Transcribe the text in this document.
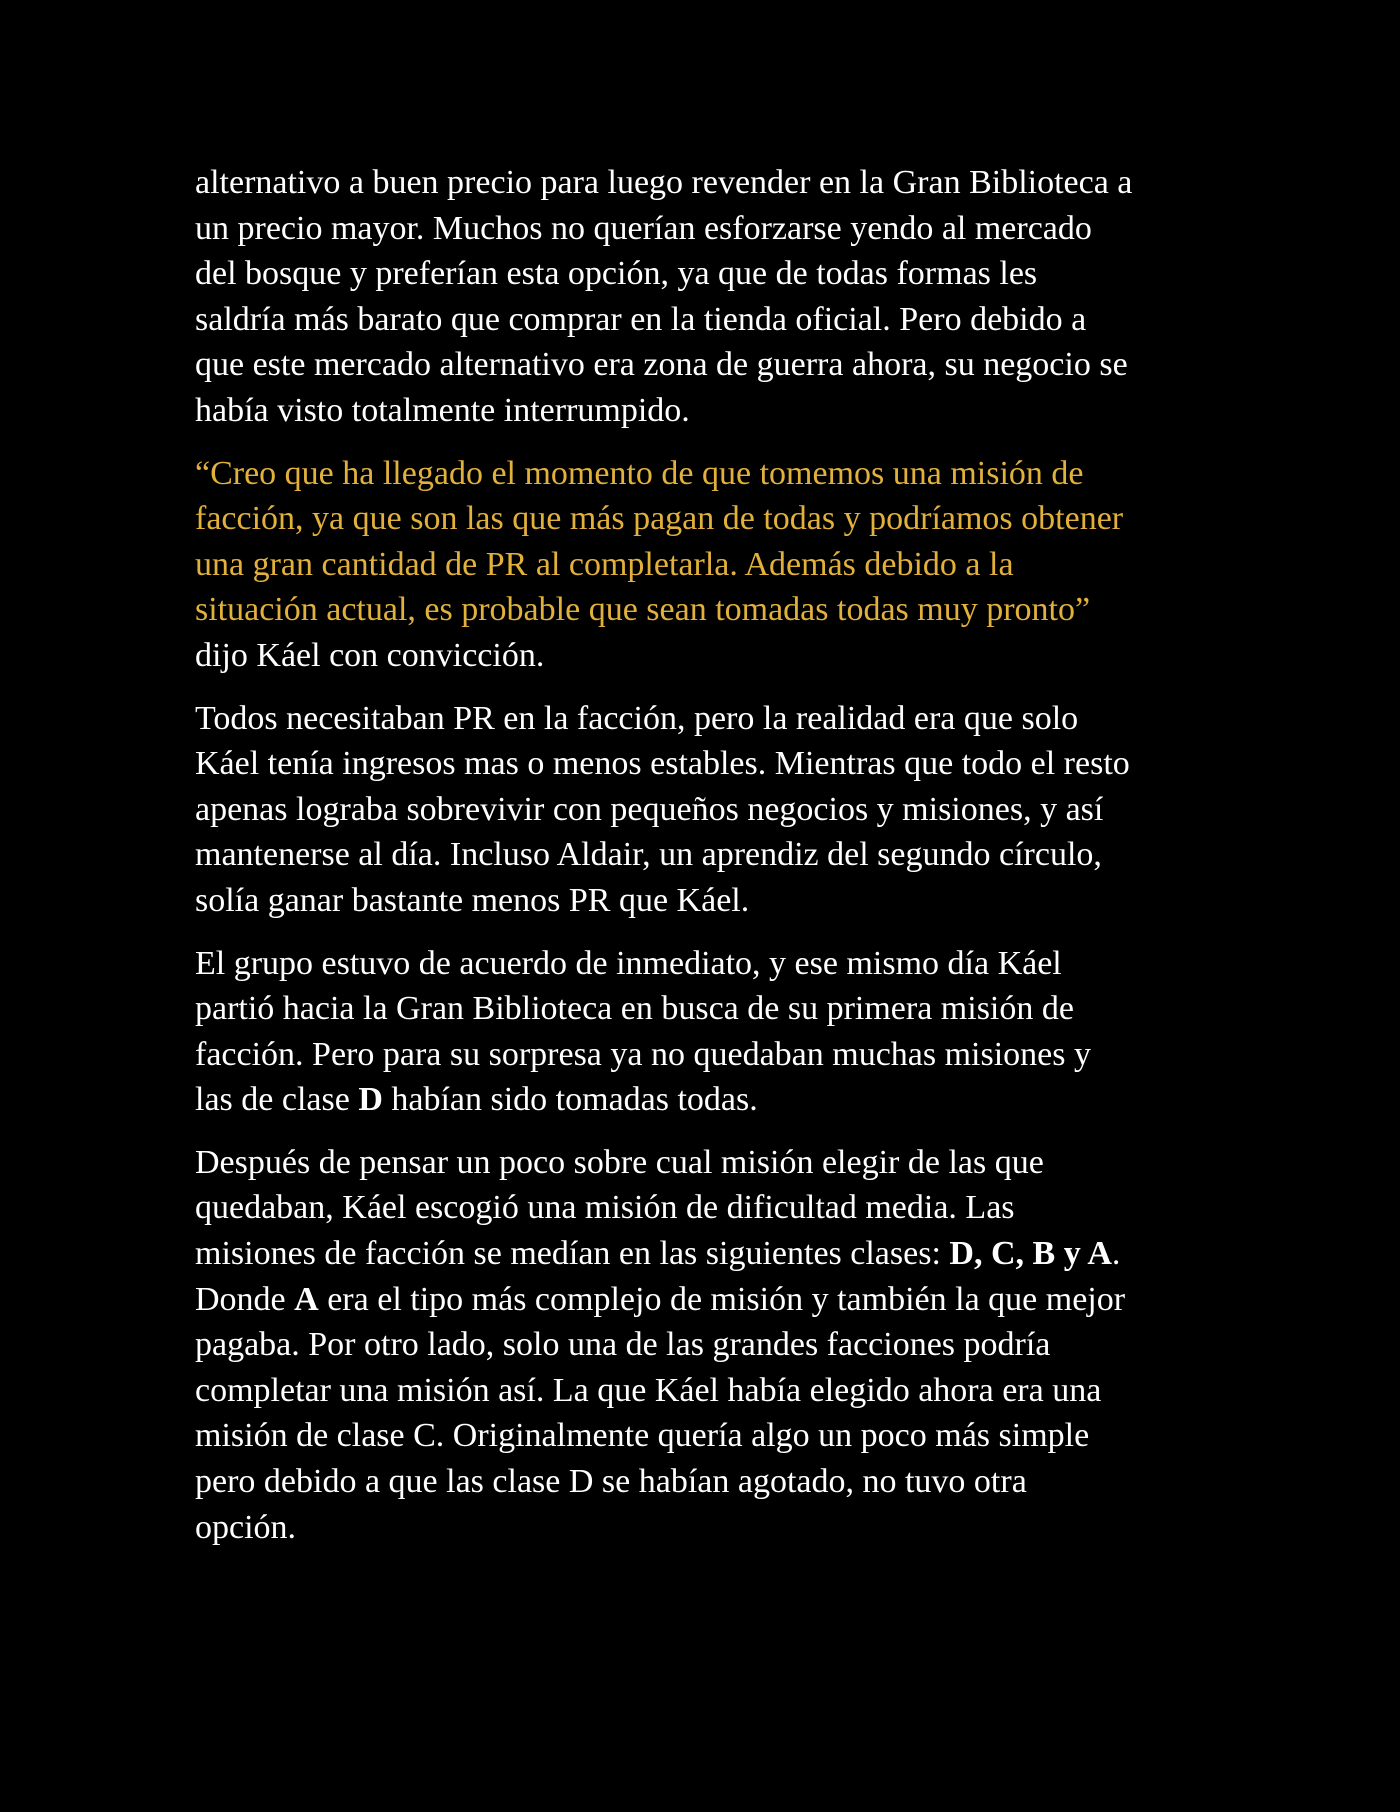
alternativo a buen precio para luego revender en la Gran Biblioteca a
un precio mayor. Muchos no querían esforzarse yendo al mercado
del bosque y preferían esta opción, ya que de todas formas les
saldría más barato que comprar en la tienda oficial. Pero debido a
que este mercado alternativo era zona de guerra ahora, su negocio se
había visto totalmente interrumpido.

“Creo que ha llegado el momento de que tomemos una misión de
facción, ya que son las que más pagan de todas y podríamos obtener
una gran cantidad de PR al completarla. Además debido a la
situación actual, es probable que sean tomadas todas muy pronto”
dijo Káel con convicción.

Todos necesitaban PR en la facción, pero la realidad era que solo
Káel tenía ingresos mas o menos estables. Mientras que todo el resto
apenas lograba sobrevivir con pequeños negocios y misiones, y así
mantenerse al día. Incluso Aldair, un aprendiz del segundo círculo,
solía ganar bastante menos PR que Káel.

El grupo estuvo de acuerdo de inmediato, y ese mismo día Káel
partió hacia la Gran Biblioteca en busca de su primera misión de
facción. Pero para su sorpresa ya no quedaban muchas misiones y
las de clase D habían sido tomadas todas.

Después de pensar un poco sobre cual misión elegir de las que
quedaban, Káel escogió una misión de dificultad media. Las
misiones de facción se medían en las siguientes clases: D, C, B y A.
Donde A era el tipo más complejo de misión y también la que mejor
pagaba. Por otro lado, solo una de las grandes facciones podría
completar una misión así. La que Káel había elegido ahora era una
misión de clase C. Originalmente quería algo un poco más simple
pero debido a que las clase D se habían agotado, no tuvo otra
opción.
